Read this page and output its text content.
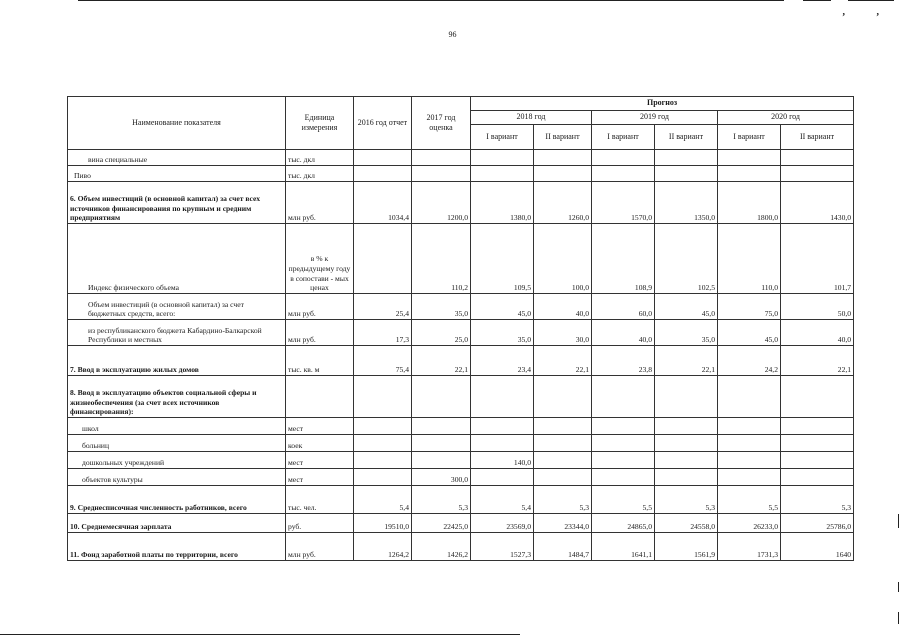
ʼ	ʼ
96
Наименование показателя	Единица измерения	2016 год отчет	2017 год оценка	Прогноз					
				2018 год		2019 год		2020 год	
				I вариант	II вариант	I вариант	II вариант	I вариант	II вариант
вина специальные	тыс. дкл								
Пиво	тыс. дкл								
6. Объем инвестиций (в основной капитал) за счет всех источников финансирования по крупным и средним предприятиям	млн руб.	1034,4	1200,0	1380,0	1260,0	1570,0	1350,0	1800,0	1430,0
Индекс физического объема	в % к предыдущему году в сопостави - мых ценах		110,2	109,5	100,0	108,9	102,5	110,0	101,7
Объем инвестиций (в основной капитал) за счет бюджетных средств, всего:	млн руб.	25,4	35,0	45,0	40,0	60,0	45,0	75,0	50,0
из республиканского бюджета Кабардино-Балкарской Республики и местных	млн руб.	17,3	25,0	35,0	30,0	40,0	35,0	45,0	40,0
7. Ввод в эксплуатацию жилых домов	тыс. кв. м	75,4	22,1	23,4	22,1	23,8	22,1	24,2	22,1
8. Ввод в эксплуатацию объектов социальной сферы и жизнеобеспечения (за счет всех источников финансирования):									
школ	мест								
больниц	коек								
дошкольных учреждений	мест			140,0					
объектов культуры	мест		300,0						
9. Среднесписочная численность работников, всего	тыс. чел.	5,4	5,3	5,4	5,3	5,5	5,3	5,5	5,3
10. Среднемесячная зарплата	руб.	19510,0	22425,0	23569,0	23344,0	24865,0	24558,0	26233,0	25786,0
11. Фонд заработной платы по территории, всего	млн руб.	1264,2	1426,2	1527,3	1484,7	1641,1	1561,9	1731,3	1640
